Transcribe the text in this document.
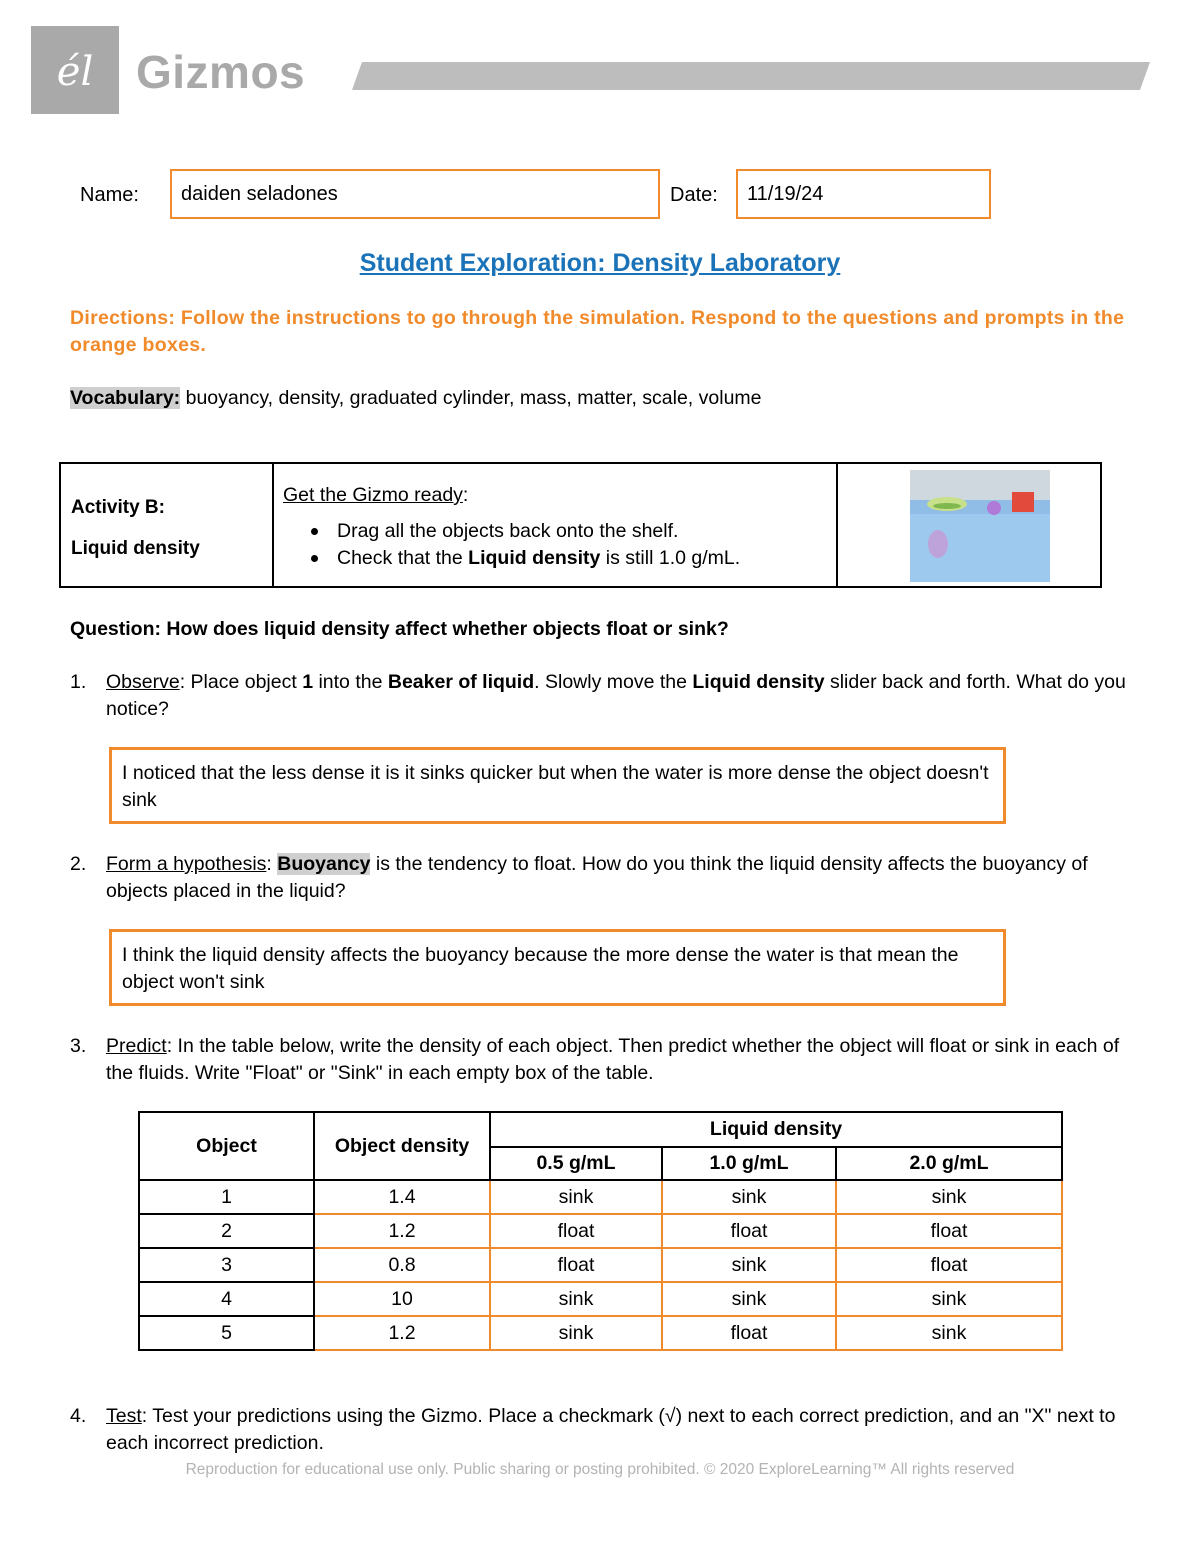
él Gizmos
Name: daiden seladones	Date: 11/19/24
Student Exploration: Density Laboratory
Directions: Follow the instructions to go through the simulation. Respond to the questions and prompts in the orange boxes.
Vocabulary: buoyancy, density, graduated cylinder, mass, matter, scale, volume
Activity B:
Liquid density
Get the Gizmo ready:
Drag all the objects back onto the shelf.
Check that the Liquid density is still 1.0 g/mL.
Question: How does liquid density affect whether objects float or sink?
1. Observe: Place object 1 into the Beaker of liquid. Slowly move the Liquid density slider back and forth. What do you notice?
I noticed that the less dense it is it sinks quicker but when the water is more dense the object doesn't sink
2. Form a hypothesis: Buoyancy is the tendency to float. How do you think the liquid density affects the buoyancy of objects placed in the liquid?
I think the liquid density affects the buoyancy because the more dense the water is that mean the object won't sink
3. Predict: In the table below, write the density of each object. Then predict whether the object will float or sink in each of the fluids. Write "Float" or "Sink" in each empty box of the table.
Object	Object density	Liquid density		
		0.5 g/mL	1.0 g/mL	2.0 g/mL
1	1.4	sink	sink	sink
2	1.2	float	float	float
3	0.8	float	sink	float
4	10	sink	sink	sink
5	1.2	sink	float	sink
4. Test: Test your predictions using the Gizmo. Place a checkmark (√) next to each correct prediction, and an "X" next to each incorrect prediction.
Reproduction for educational use only. Public sharing or posting prohibited. © 2020 ExploreLearning™ All rights reserved
